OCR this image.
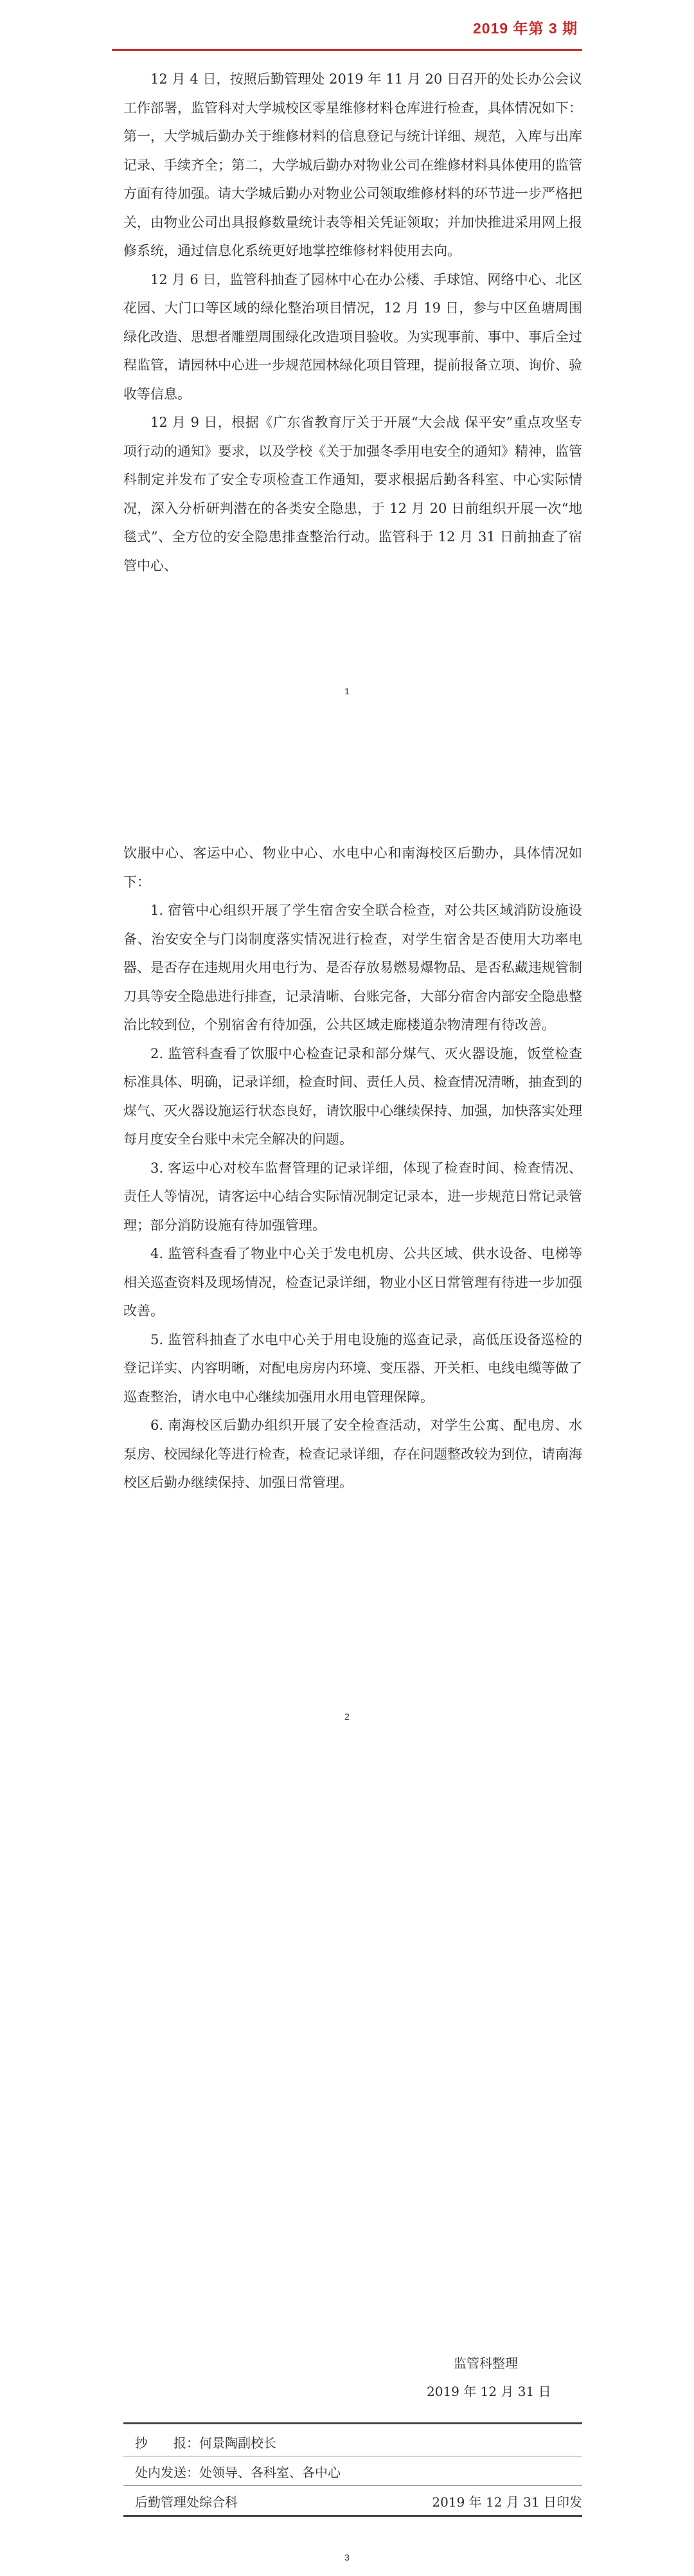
2019 年第 3 期

12 月 4 日，按照后勤管理处 2019 年 11 月 20 日召开的处长办公会议工作部署，监管科对大学城校区零星维修材料仓库进行检查，具体情况如下：第一，大学城后勤办关于维修材料的信息登记与统计详细、规范，入库与出库记录、手续齐全；第二，大学城后勤办对物业公司在维修材料具体使用的监管方面有待加强。请大学城后勤办对物业公司领取维修材料的环节进一步严格把关，由物业公司出具报修数量统计表等相关凭证领取；并加快推进采用网上报修系统，通过信息化系统更好地掌控维修材料使用去向。

12 月 6 日，监管科抽查了园林中心在办公楼、手球馆、网络中心、北区花园、大门口等区域的绿化整治项目情况，12 月 19 日，参与中区鱼塘周围绿化改造、思想者雕塑周围绿化改造项目验收。为实现事前、事中、事后全过程监管，请园林中心进一步规范园林绿化项目管理，提前报备立项、询价、验收等信息。

12 月 9 日，根据《广东省教育厅关于开展“大会战 保平安”重点攻坚专项行动的通知》要求，以及学校《关于加强冬季用电安全的通知》精神，监管科制定并发布了安全专项检查工作通知，要求根据后勤各科室、中心实际情况，深入分析研判潜在的各类安全隐患，于 12 月 20 日前组织开展一次“地毯式”、全方位的安全隐患排查整治行动。监管科于 12 月 31 日前抽查了宿管中心、

1

饮服中心、客运中心、物业中心、水电中心和南海校区后勤办，具体情况如下：

1. 宿管中心组织开展了学生宿舍安全联合检查，对公共区域消防设施设备、治安安全与门岗制度落实情况进行检查，对学生宿舍是否使用大功率电器、是否存在违规用火用电行为、是否存放易燃易爆物品、是否私藏违规管制刀具等安全隐患进行排查，记录清晰、台账完备，大部分宿舍内部安全隐患整治比较到位，个别宿舍有待加强，公共区域走廊楼道杂物清理有待改善。

2. 监管科查看了饮服中心检查记录和部分煤气、灭火器设施，饭堂检查标准具体、明确，记录详细，检查时间、责任人员、检查情况清晰，抽查到的煤气、灭火器设施运行状态良好，请饮服中心继续保持、加强，加快落实处理每月度安全台账中未完全解决的问题。

3. 客运中心对校车监督管理的记录详细，体现了检查时间、检查情况、责任人等情况，请客运中心结合实际情况制定记录本，进一步规范日常记录管理；部分消防设施有待加强管理。

4. 监管科查看了物业中心关于发电机房、公共区域、供水设备、电梯等相关巡查资料及现场情况，检查记录详细，物业小区日常管理有待进一步加强改善。

5. 监管科抽查了水电中心关于用电设施的巡查记录，高低压设备巡检的登记详实、内容明晰，对配电房房内环境、变压器、开关柜、电线电缆等做了巡查整治，请水电中心继续加强用水用电管理保障。

6. 南海校区后勤办组织开展了安全检查活动，对学生公寓、配电房、水泵房、校园绿化等进行检查，检查记录详细，存在问题整改较为到位，请南海校区后勤办继续保持、加强日常管理。

2
监管科整理
2019 年 12 月 31 日
抄　　报：何景陶副校长
处内发送：处领导、各科室、各中心
后勤管理处综合科	2019 年 12 月 31 日印发
3
